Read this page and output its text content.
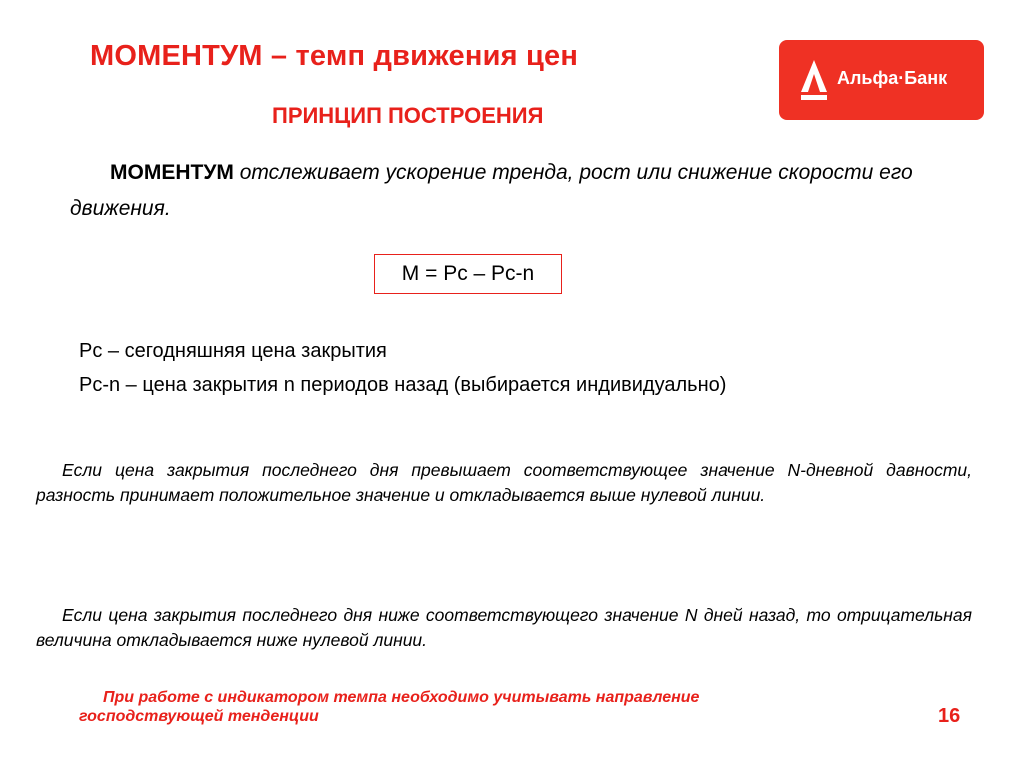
МОМЕНТУМ – темп движения цен
Альфа·Банк
ПРИНЦИП ПОСТРОЕНИЯ
МОМЕНТУМ отслеживает ускорение тренда, рост или снижение скорости его движения.
M = Pc – Pc-n
Pc – сегодняшняя цена закрытия
Pc-n – цена закрытия n периодов назад (выбирается индивидуально)
Если цена закрытия последнего дня превышает соответствующее значение N-дневной давности, разность принимает положительное значение и откладывается выше нулевой линии.
Если цена закрытия последнего дня ниже соответствующего значение N дней назад, то отрицательная величина откладывается ниже нулевой линии.
При работе с индикатором темпа необходимо учитывать направление господствующей тенденции	16
